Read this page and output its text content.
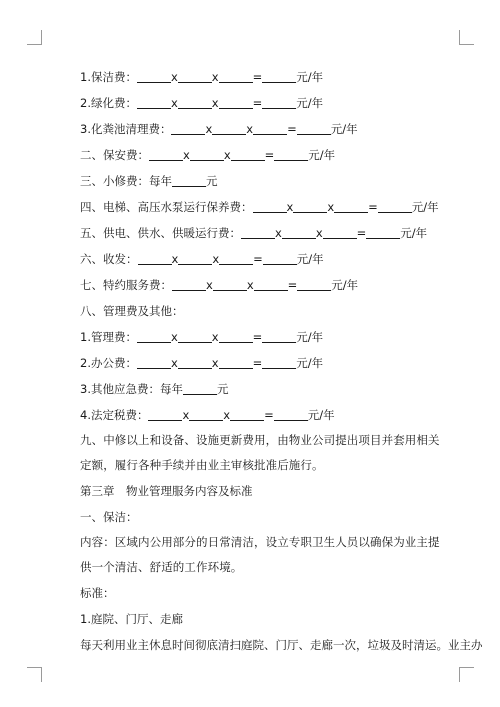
1.保洁费：	x	x	=	元/年
2.绿化费：	x	x	=	元/年
3.化粪池清理费：	x	x	=	元/年
二、保安费：	x	x	=	元/年
三、小修费：每年	元
四、电梯、高压水泵运行保养费：	x	x	=	元/年
五、供电、供水、供暖运行费：	x	x	=	元/年
六、收发：	x	x	=	元/年
七、特约服务费：	x	x	=	元/年
八、管理费及其他：
1.管理费：	x	x	=	元/年
2.办公费：	x	x	=	元/年
3.其他应急费：每年	元
4.法定税费：	x	x	=	元/年
九、中修以上和设备、设施更新费用，由物业公司提出项目并套用相关定额，履行各种手续并由业主审核批准后施行。
第三章　物业管理服务内容及标准
一、保洁：
内容：区域内公用部分的日常清洁，设立专职卫生人员以确保为业主提供一个清洁、舒适的工作环境。
标准：
1.庭院、门厅、走廊
每天利用业主休息时间彻底清扫庭院、门厅、走廊一次，垃圾及时清运。业主办
